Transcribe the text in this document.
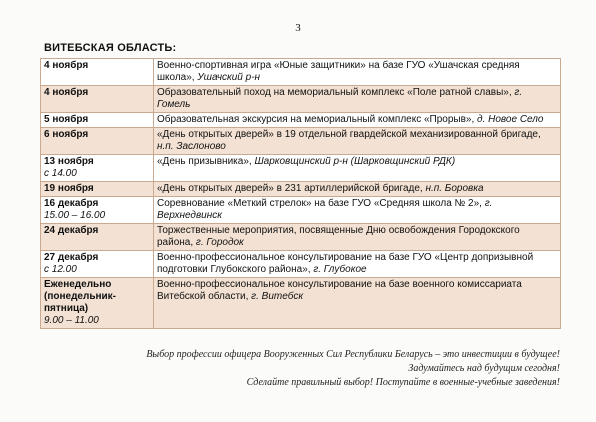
3
ВИТЕБСКАЯ ОБЛАСТЬ:
4 ноября	Военно-спортивная игра «Юные защитники» на базе ГУО «Ушачская средняя школа», Ушачский р-н

4 ноября	Образовательный поход на мемориальный комплекс «Поле ратной славы», г. Гомель

5 ноября	Образовательная экскурсия на мемориальный комплекс «Прорыв», д. Новое Село

6 ноября	«День открытых дверей» в 19 отдельной гвардейской механизированной бригаде, н.п. Заслоново

13 ноября
с 14.00	«День призывника», Шарковщинский р-н (Шарковщинский РДК)

19 ноября	«День открытых дверей» в 231 артиллерийской бригаде, н.п. Боровка

16 декабря
15.00 – 16.00	Соревнование «Меткий стрелок» на базе ГУО «Средняя школа № 2», г. Верхнедвинск

24 декабря	Торжественные мероприятия, посвященные Дню освобождения Городокского района, г. Городок

27 декабря
с 12.00	Военно-профессиональное консультирование на базе ГУО «Центр допризывной подготовки Глубокского района», г. Глубокое

Еженедельно (понедельник-пятница)
9.00 – 11.00	Военно-профессиональное консультирование на базе военного комиссариата Витебской области, г. Витебск
Выбор профессии офицера Вооруженных Сил Республики Беларусь – это инвестиции в будущее!
Задумайтесь над будущим сегодня!
Сделайте правильный выбор! Поступайте в военные-учебные заведения!
